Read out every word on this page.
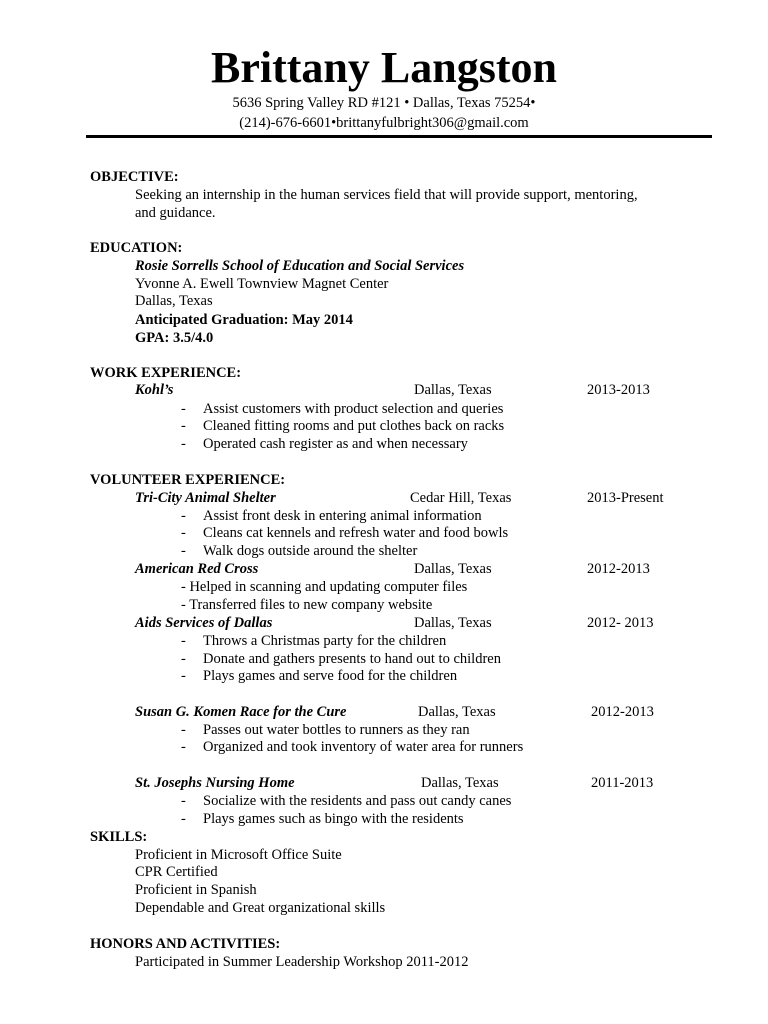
Brittany Langston
5636 Spring Valley RD #121 • Dallas, Texas 75254•
(214)-676-6601•brittanyfulbright306@gmail.com
OBJECTIVE:
Seeking an internship in the human services field that will provide support, mentoring,
and guidance.
EDUCATION:
Rosie Sorrells School of Education and Social Services
Yvonne A. Ewell Townview Magnet Center
Dallas, Texas
Anticipated Graduation: May 2014
GPA: 3.5/4.0
WORK EXPERIENCE:
Kohl’s	Dallas, Texas	2013-2013
- Assist customers with product selection and queries
- Cleaned fitting rooms and put clothes back on racks
- Operated cash register as and when necessary
VOLUNTEER EXPERIENCE:
Tri-City Animal Shelter	Cedar Hill, Texas	2013-Present
- Assist front desk in entering animal information
- Cleans cat kennels and refresh water and food bowls
- Walk dogs outside around the shelter
American Red Cross	Dallas, Texas	2012-2013
- Helped in scanning and updating computer files
- Transferred files to new company website
Aids Services of Dallas	Dallas, Texas	2012- 2013
- Throws a Christmas party for the children
- Donate and gathers presents to hand out to children
- Plays games and serve food for the children
Susan G. Komen Race for the Cure	Dallas, Texas	2012-2013
- Passes out water bottles to runners as they ran
- Organized and took inventory of water area for runners
St. Josephs Nursing Home	Dallas, Texas	2011-2013
- Socialize with the residents and pass out candy canes
- Plays games such as bingo with the residents
SKILLS:
Proficient in Microsoft Office Suite
CPR Certified
Proficient in Spanish
Dependable and Great organizational skills
HONORS AND ACTIVITIES:
Participated in Summer Leadership Workshop 2011-2012
